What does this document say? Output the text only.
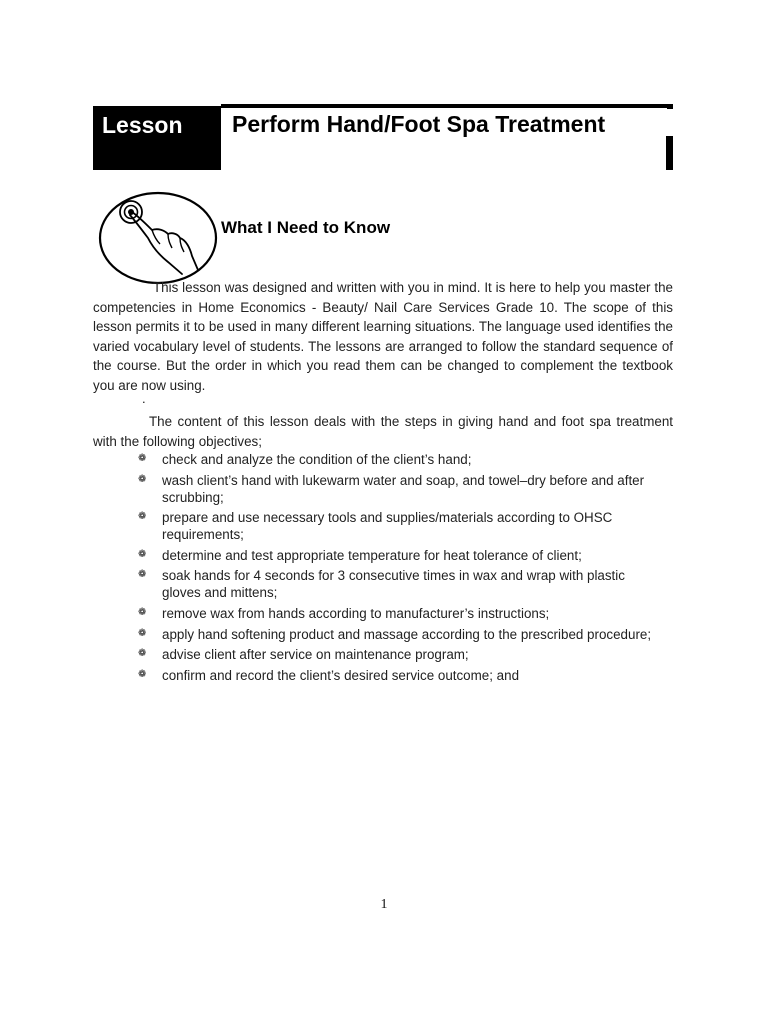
Lesson Perform Hand/Foot Spa Treatment
What I Need to Know
This lesson was designed and written with you in mind. It is here to help you master the competencies in Home Economics - Beauty/ Nail Care Services Grade 10. The scope of this lesson permits it to be used in many different learning situations. The language used identifies the varied vocabulary level of students. The lessons are arranged to follow the standard sequence of the course. But the order in which you read them can be changed to complement the textbook you are now using.
.
The content of this lesson deals with the steps in giving hand and foot spa treatment with the following objectives;
❁ check and analyze the condition of the client’s hand;
❁ wash client’s hand with lukewarm water and soap, and towel–dry before and after scrubbing;
❁ prepare and use necessary tools and supplies/materials according to OHSC requirements;
❁ determine and test appropriate temperature for heat tolerance of client;
❁ soak hands for 4 seconds for 3 consecutive times in wax and wrap with plastic gloves and mittens;
❁ remove wax from hands according to manufacturer’s instructions;
❁ apply hand softening product and massage according to the prescribed procedure;
❁ advise client after service on maintenance program;
❁ confirm and record the client’s desired service outcome; and
1
